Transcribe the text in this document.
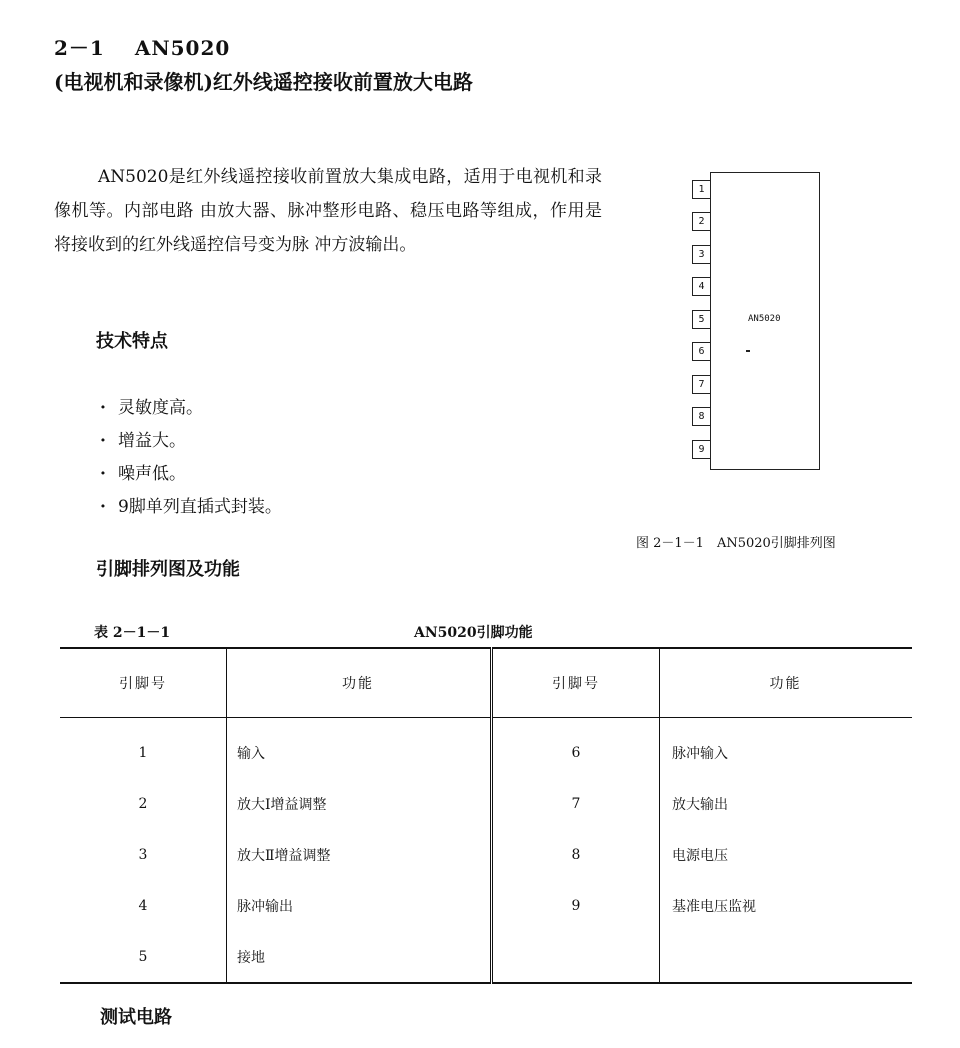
2－1 AN5020
(电视机和录像机)红外线遥控接收前置放大电路
AN5020是红外线遥控接收前置放大集成电路，适用于电视机和录像机等。内部电路 由放大器、脉冲整形电路、稳压电路等组成，作用是将接收到的红外线遥控信号变为脉 冲方波输出。
技术特点
· 灵敏度高。
· 增益大。
· 噪声低。
· 9脚单列直插式封装。
引脚排列图及功能
1
2
3
4
5
6
7
8
9
AN5020
图 2－1－1　AN5020引脚排列图
表 2－1－1	AN5020引脚功能
引脚号	功能	引脚号	功能
1	输入	6	脉冲输入
2	放大Ⅰ增益调整	7	放大输出
3	放大Ⅱ增益调整	8	电源电压
4	脉冲输出	9	基准电压监视
5	接地		
测试电路
